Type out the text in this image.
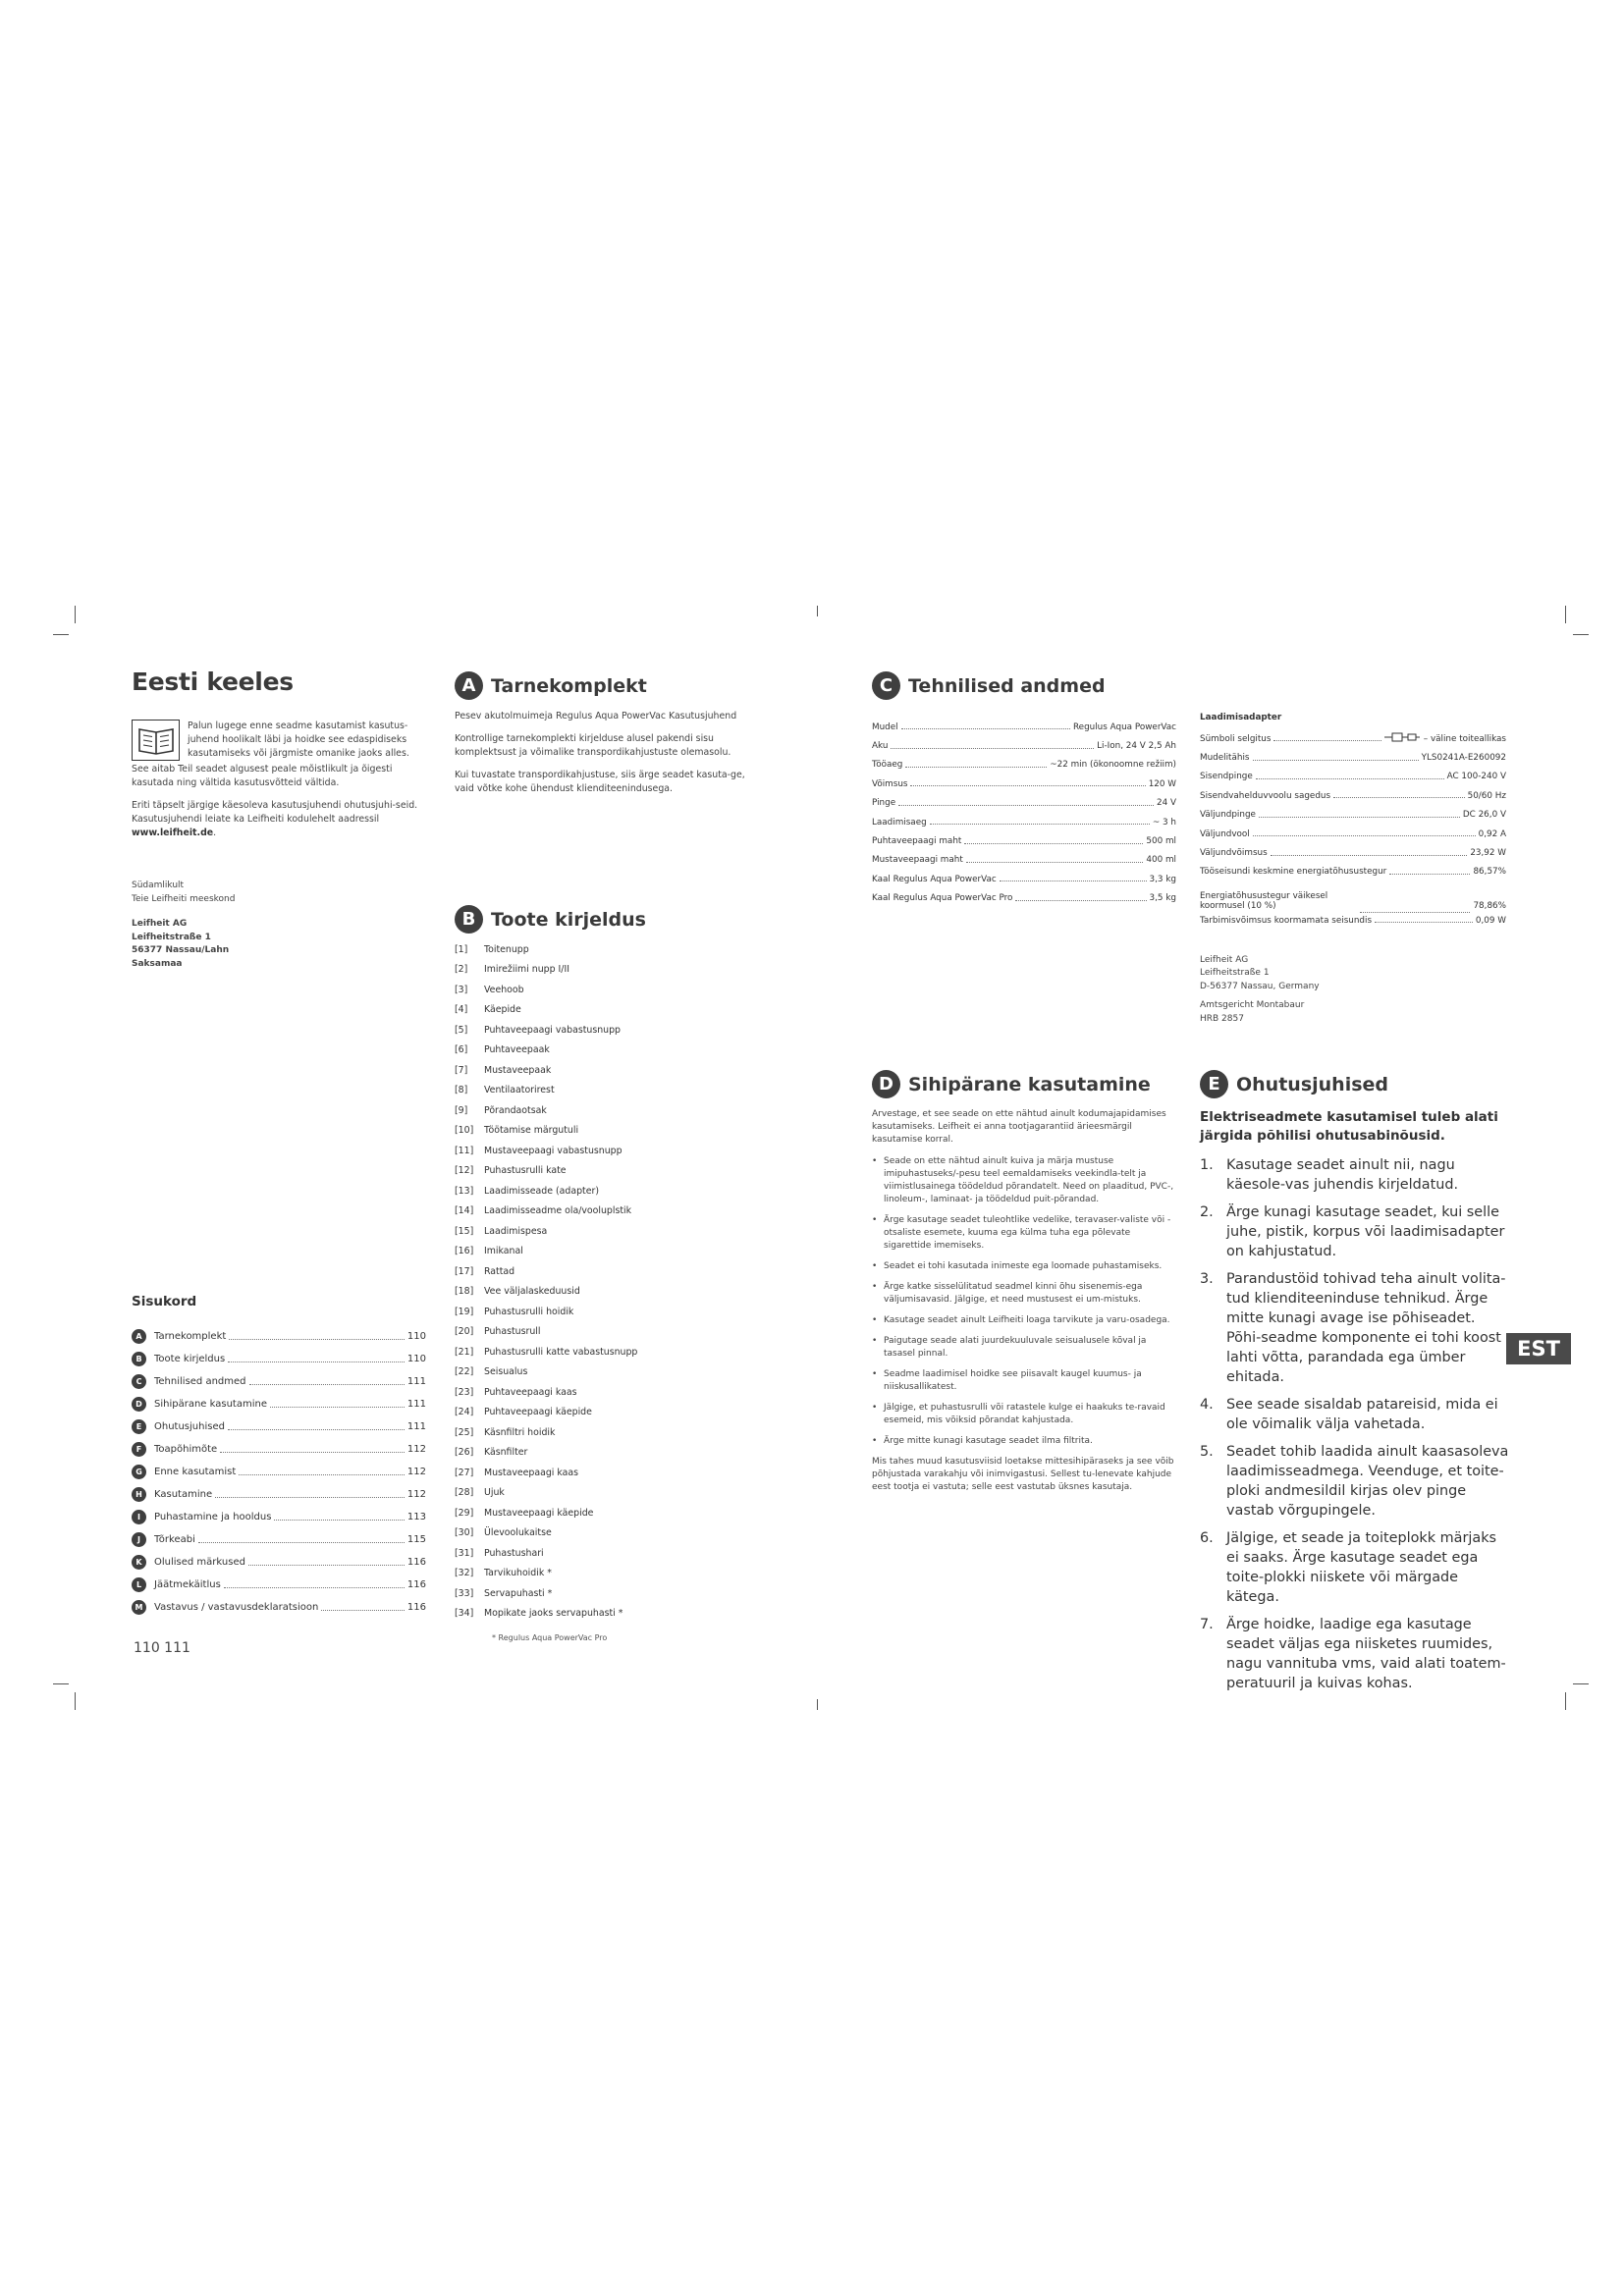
Eesti keeles

Palun lugege enne seadme kasutamist kasutus-juhend hoolikalt läbi ja hoidke see edaspidiseks kasutamiseks või järgmiste omanike jaoks alles.

See aitab Teil seadet algusest peale mõistlikult ja õigesti kasutada ning vältida kasutusvõtteid vältida.

Eriti täpselt järgige käesoleva kasutusjuhendi ohutusjuhi-seid. Kasutusjuhendi leiate ka Leifheiti kodulehelt aadressil www.leifheit.de.

Südamlikult
Teie Leifheiti meeskond
Leifheit AG
Leifheitstraße 1
56377 Nassau/Lahn
Saksamaa
Sisukord
A	Tarnekomplekt	110
B	Toote kirjeldus	110
C	Tehnilised andmed	111
D	Sihipärane kasutamine	111
E	Ohutusjuhised	111
F	Toapõhimõte	112
G	Enne kasutamist	112
H	Kasutamine	112
I	Puhastamine ja hooldus	113
J	Tõrkeabi	115
K	Olulised märkused	116
L	Jäätmekäitlus	116
M	Vastavus / vastavusdeklaratsioon	116
110 111
A Tarnekomplekt

Pesev akutolmuimeja Regulus Aqua PowerVac Kasutusjuhend

Kontrollige tarnekomplekti kirjelduse alusel pakendi sisu komplektsust ja võimalike transpordikahjustuste olemasolu.

Kui tuvastate transpordikahjustuse, siis ärge seadet kasuta-ge, vaid võtke kohe ühendust klienditeenindusega.

B Toote kirjeldus
[1]	Toitenupp
[2]	Imirežiimi nupp I/II
[3]	Veehoob
[4]	Käepide
[5]	Puhtaveepaagi vabastusnupp
[6]	Puhtaveepaak
[7]	Mustaveepaak
[8]	Ventilaatorirest
[9]	Põrandaotsak
[10]	Töötamise märgutuli
[11]	Mustaveepaagi vabastusnupp
[12]	Puhastusrulli kate
[13]	Laadimisseade (adapter)
[14]	Laadimisseadme ola/vooluplstik
[15]	Laadimispesa
[16]	Imikanal
[17]	Rattad
[18]	Vee väljalaskeduusid
[19]	Puhastusrulli hoidik
[20]	Puhastusrull
[21]	Puhastusrulli katte vabastusnupp
[22]	Seisualus
[23]	Puhtaveepaagi kaas
[24]	Puhtaveepaagi käepide
[25]	Käsnfiltri hoidik
[26]	Käsnfilter
[27]	Mustaveepaagi kaas
[28]	Ujuk
[29]	Mustaveepaagi käepide
[30]	Ülevoolukaitse
[31]	Puhastushari
[32]	Tarvikuhoidik *
[33]	Servapuhasti *
[34]	Mopikate jaoks servapuhasti *
* Regulus Aqua PowerVac Pro
C Tehnilised andmed
Mudel	Regulus Aqua PowerVac
Aku	Li-Ion, 24 V 2,5 Ah
Tööaeg	~22 min (ökonoomne režiim)
Võimsus	120 W
Pinge	24 V
Laadimisaeg	~ 3 h
Puhtaveepaagi maht	500 ml
Mustaveepaagi maht	400 ml
Kaal Regulus Aqua PowerVac	3,3 kg
Kaal Regulus Aqua PowerVac Pro	3,5 kg
Laadimisadapter
Sümboli selgitus	– väline toiteallikas
Mudelitähis	YLS0241A-E260092
Sisendpinge	AC 100-240 V
Sisendvahelduvvoolu sagedus	50/60 Hz
Väljundpinge	DC 26,0 V
Väljundvool	0,92 A
Väljundvõimsus	23,92 W
Tööseisundi keskmine energiatõhusustegur	86,57%
Energiatõhusustegur väikesel koormusel (10 %)	78,86%
Tarbimisvõimsus koormamata seisundis	0,09 W
Leifheit AG
Leifheitstraße 1
D-56377 Nassau, Germany
Amtsgericht Montabaur
HRB 2857
D Sihipärane kasutamine

Arvestage, et see seade on ette nähtud ainult kodumajapidamises kasutamiseks. Leifheit ei anna tootjagarantiid ärieesmärgil kasutamise korral.

• Seade on ette nähtud ainult kuiva ja märja mustuse imipuhastuseks/-pesu teel eemaldamiseks veekindla-telt ja viimistlusainega töödeldud põrandatelt. Need on plaaditud, PVC-, linoleum-, laminaat- ja töödeldud puit-põrandad.
• Ärge kasutage seadet tuleohtlike vedelike, teravaser-valiste või -otsaliste esemete, kuuma ega külma tuha ega põlevate sigarettide imemiseks.
• Seadet ei tohi kasutada inimeste ega loomade puhastamiseks.
• Ärge katke sisselülitatud seadmel kinni õhu sisenemis-ega väljumisavasid. Jälgige, et need mustusest ei um-mistuks.
• Kasutage seadet ainult Leifheiti loaga tarvikute ja varu-osadega.
• Paigutage seade alati juurdekuuluvale seisualusele kõval ja tasasel pinnal.
• Seadme laadimisel hoidke see piisavalt kaugel kuumus- ja niiskusallikatest.
• Jälgige, et puhastusrulli või ratastele kulge ei haakuks te-ravaid esemeid, mis võiksid põrandat kahjustada.
• Ärge mitte kunagi kasutage seadet ilma filtrita.

Mis tahes muud kasutusviisid loetakse mittesihipäraseks ja see võib põhjustada varakahju või inimvigastusi. Sellest tu-lenevate kahjude eest tootja ei vastuta; selle eest vastutab üksnes kasutaja.

E Ohutusjuhised
Elektriseadmete kasutamisel tuleb alati järgida põhilisi ohutusabinõusid.
1. Kasutage seadet ainult nii, nagu käesole-vas juhendis kirjeldatud.
2. Ärge kunagi kasutage seadet, kui selle juhe, pistik, korpus või laadimisadapter on kahjustatud.
3. Parandustöid tohivad teha ainult volita-tud klienditeeninduse tehnikud. Ärge mitte kunagi avage ise põhiseadet. Põhi-seadme komponente ei tohi koost lahti võtta, parandada ega ümber ehitada.
4. See seade sisaldab patareisid, mida ei ole võimalik välja vahetada.
5. Seadet tohib laadida ainult kaasasoleva laadimisseadmega. Veenduge, et toite-ploki andmesildil kirjas olev pinge vastab võrgupingele.
6. Jälgige, et seade ja toiteplokk märjaks ei saaks. Ärge kasutage seadet ega toite-plokki niiskete või märgade kätega.
7. Ärge hoidke, laadige ega kasutage seadet väljas ega niisketes ruumides, nagu vannituba vms, vaid alati toatem-peratuuril ja kuivas kohas.
EST
